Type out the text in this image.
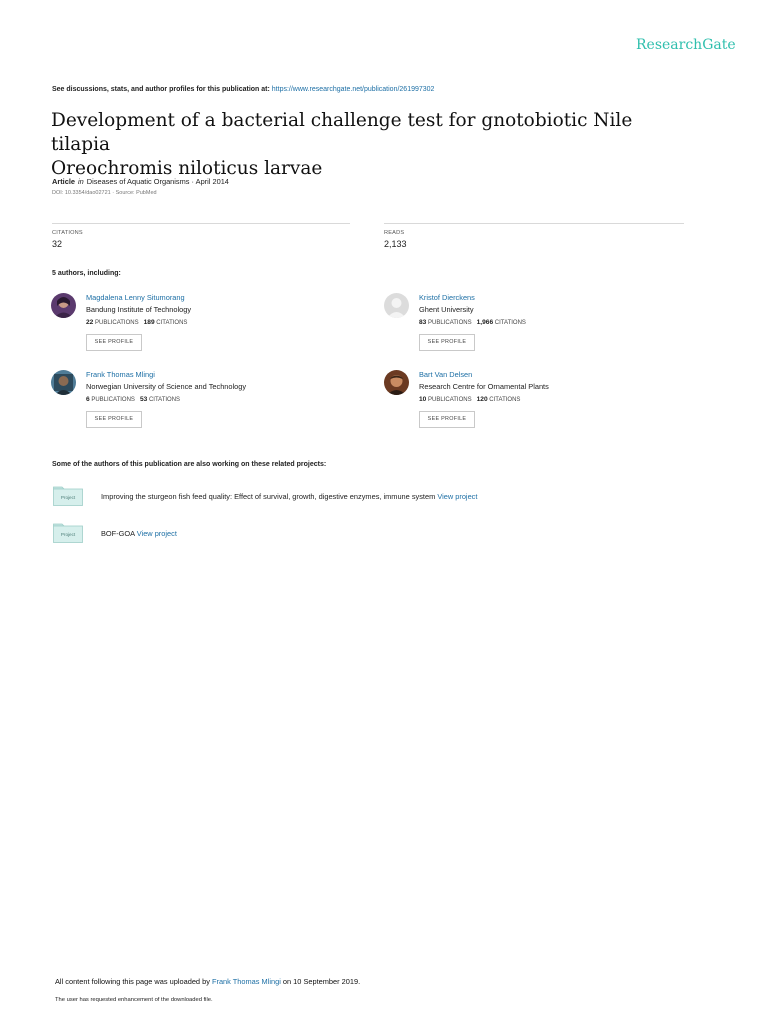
ResearchGate
See discussions, stats, and author profiles for this publication at: https://www.researchgate.net/publication/261997302
Development of a bacterial challenge test for gnotobiotic Nile tilapia
Oreochromis niloticus larvae
Article in Diseases of Aquatic Organisms · April 2014
DOI: 10.3354/dao02721 · Source: PubMed
CITATIONS
32
READS
2,133
5 authors, including:
Magdalena Lenny Situmorang
Bandung Institute of Technology
22 PUBLICATIONS 189 CITATIONS
SEE PROFILE
Kristof Dierckens
Ghent University
83 PUBLICATIONS 1,966 CITATIONS
SEE PROFILE
Frank Thomas Mlingi
Norwegian University of Science and Technology
6 PUBLICATIONS 53 CITATIONS
SEE PROFILE
Bart Van Delsen
Research Centre for Ornamental Plants
10 PUBLICATIONS 120 CITATIONS
SEE PROFILE
Some of the authors of this publication are also working on these related projects:
Project	Improving the sturgeon fish feed quality: Effect of survival, growth, digestive enzymes, immune system View project
Project	BOF-GOA View project
All content following this page was uploaded by Frank Thomas Mlingi on 10 September 2019.
The user has requested enhancement of the downloaded file.
